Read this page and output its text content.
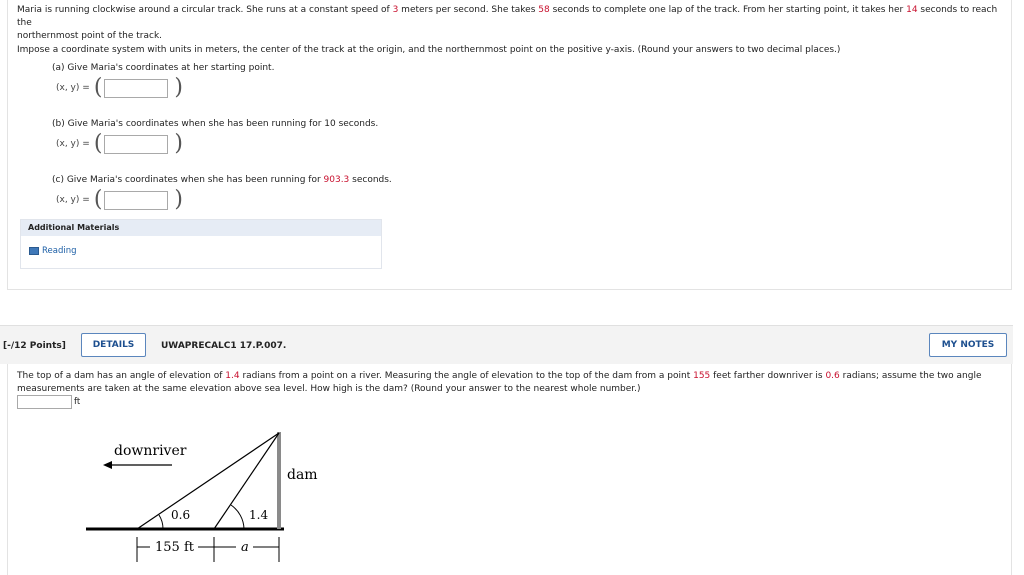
Maria is running clockwise around a circular track. She runs at a constant speed of 3 meters per second. She takes 58 seconds to complete one lap of the track. From her starting point, it takes her 14 seconds to reach the
northernmost point of the track.
Impose a coordinate system with units in meters, the center of the track at the origin, and the northernmost point on the positive y-axis. (Round your answers to two decimal places.)
(a) Give Maria's coordinates at her starting point.
(x, y) = (	)
(b) Give Maria's coordinates when she has been running for 10 seconds.
(x, y) = (	)
(c) Give Maria's coordinates when she has been running for 903.3 seconds.
(x, y) = (	)
Additional Materials
Reading
[-/12 Points]	DETAILS	UWAPRECALC1 17.P.007.	MY NOTES
The top of a dam has an angle of elevation of 1.4 radians from a point on a river. Measuring the angle of elevation to the top of the dam from a point 155 feet farther downriver is 0.6 radians; assume the two angle
measurements are taken at the same elevation above sea level. How high is the dam? (Round your answer to the nearest whole number.)
ft
downriver
dam
0.6	1.4
155 ft	a
